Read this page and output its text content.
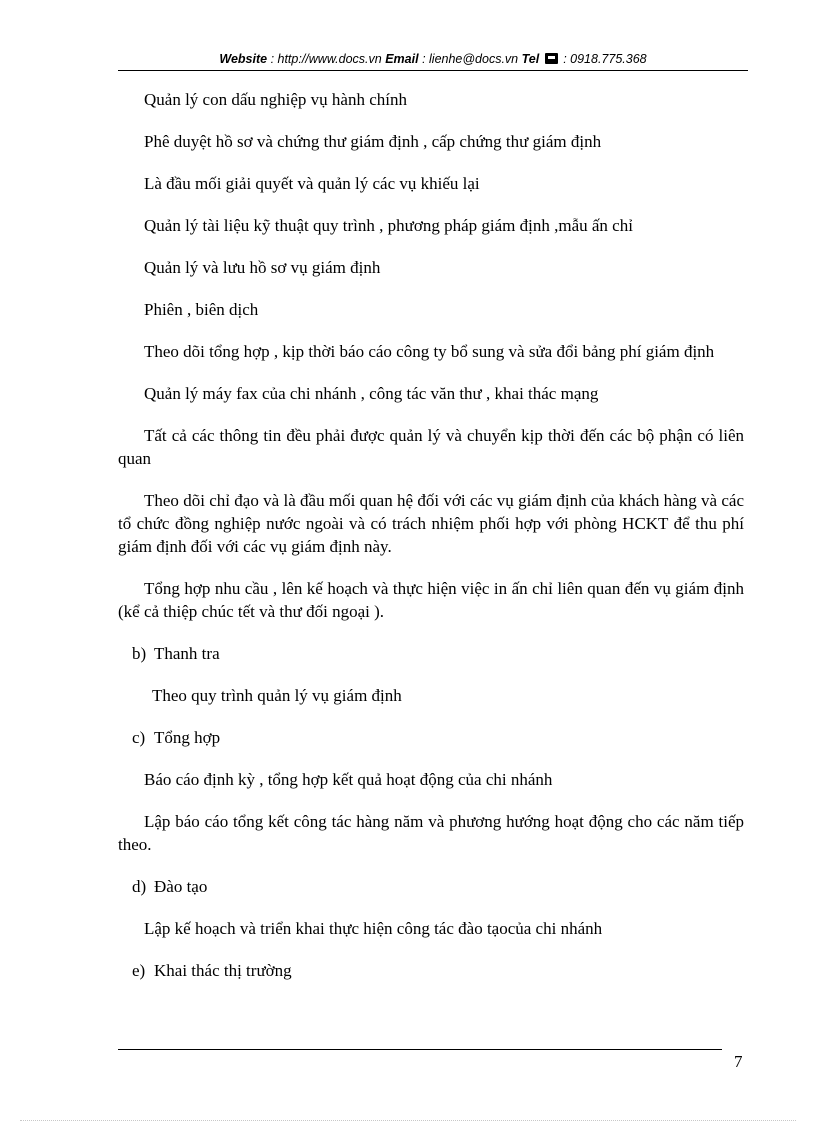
Website : http://www.docs.vn Email : lienhe@docs.vn Tel : 0918.775.368

Quản lý con dấu nghiệp vụ hành chính

Phê duyệt hồ sơ và chứng thư giám định , cấp chứng thư giám định

Là đầu mối giải quyết và quản lý các vụ khiếu lại

Quản lý tài liệu kỹ thuật quy trình , phương pháp giám định ,mẫu ấn chỉ

Quản lý và lưu hồ sơ vụ giám định

Phiên , biên dịch

Theo dõi tổng hợp , kịp thời báo cáo công ty bổ sung và sửa đổi bảng phí giám định

Quản lý máy fax của chi nhánh , công tác văn thư , khai thác mạng

Tất cả các thông tin đều phải được quản lý và chuyển kịp thời đến các bộ phận có liên quan

Theo dõi chỉ đạo và là đầu mối quan hệ đối với các vụ giám định của khách hàng và các tổ chức đồng nghiệp nước ngoài và có trách nhiệm phối hợp với phòng HCKT để thu phí giám định đối với các vụ giám định này.

Tổng hợp nhu cầu , lên kế hoạch và thực hiện việc in ấn chỉ liên quan đến vụ giám định (kể cả thiệp chúc tết và thư đối ngoại ).

b) Thanh tra

Theo quy trình quản lý vụ giám định

c) Tổng hợp

Báo cáo định kỳ , tổng hợp kết quả hoạt động của chi nhánh

Lập báo cáo tổng kết công tác hàng năm và phương hướng hoạt động cho các năm tiếp theo.

d) Đào tạo

Lập kế hoạch và triển khai thực hiện công tác đào tạocủa chi nhánh

e) Khai thác thị trường
7
